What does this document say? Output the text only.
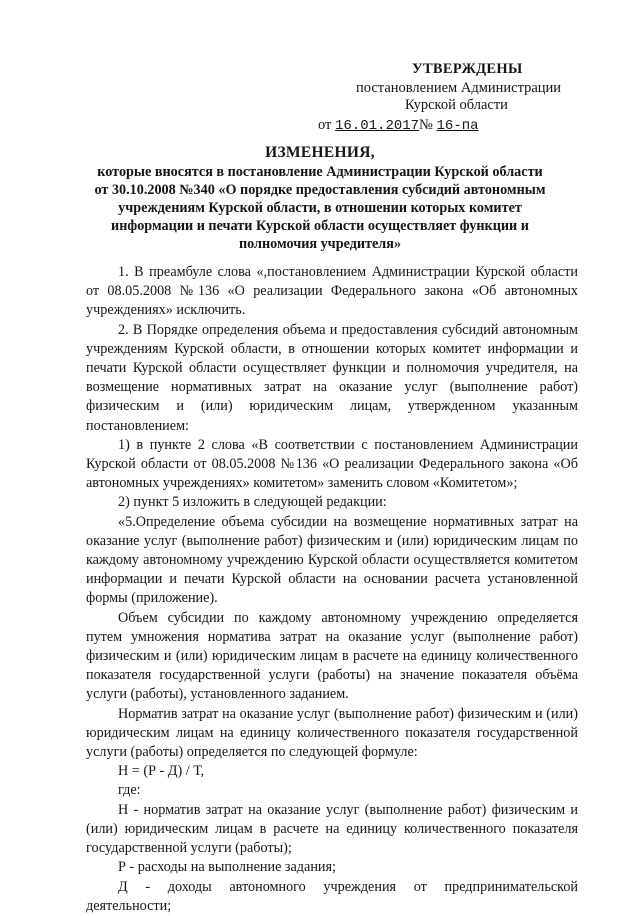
УТВЕРЖДЕНЫ
постановлением Администрации
Курской области
от 16.01.2017№ 16-па
ИЗМЕНЕНИЯ,
которые вносятся в постановление Администрации Курской области
от 30.10.2008 №340 «О порядке предоставления субсидий автономным
учреждениям Курской области, в отношении которых комитет
информации и печати Курской области осуществляет функции и
полномочия учредителя»

1. В преамбуле слова «,постановлением Администрации Курской области от 08.05.2008 №136 «О реализации Федерального закона «Об автономных учреждениях» исключить.

2. В Порядке определения объема и предоставления субсидий автономным учреждениям Курской области, в отношении которых комитет информации и печати Курской области осуществляет функции и полномочия учредителя, на возмещение нормативных затрат на оказание услуг (выполнение работ) физическим и (или) юридическим лицам, утвержденном указанным постановлением:

1) в пункте 2 слова «В соответствии с постановлением Администрации Курской области от 08.05.2008 №136 «О реализации Федерального закона «Об автономных учреждениях» комитетом» заменить словом «Комитетом»;

2) пункт 5 изложить в следующей редакции:

«5.Определение объема субсидии на возмещение нормативных затрат на оказание услуг (выполнение работ) физическим и (или) юридическим лицам по каждому автономному учреждению Курской области осуществляется комитетом информации и печати Курской области на основании расчета установленной формы (приложение).

Объем субсидии по каждому автономному учреждению определяется путем умножения норматива затрат на оказание услуг (выполнение работ) физическим и (или) юридическим лицам в расчете на единицу количественного показателя государственной услуги (работы) на значение показателя объёма услуги (работы), установленного заданием.

Норматив затрат на оказание услуг (выполнение работ) физическим и (или) юридическим лицам на единицу количественного показателя государственной услуги (работы) определяется по следующей формуле:

Н = (Р - Д) / Т,

где:

Н - норматив затрат на оказание услуг (выполнение работ) физическим и (или) юридическим лицам в расчете на единицу количественного показателя государственной услуги (работы);

Р - расходы на выполнение задания;

Д - доходы автономного учреждения от предпринимательской деятельности;
